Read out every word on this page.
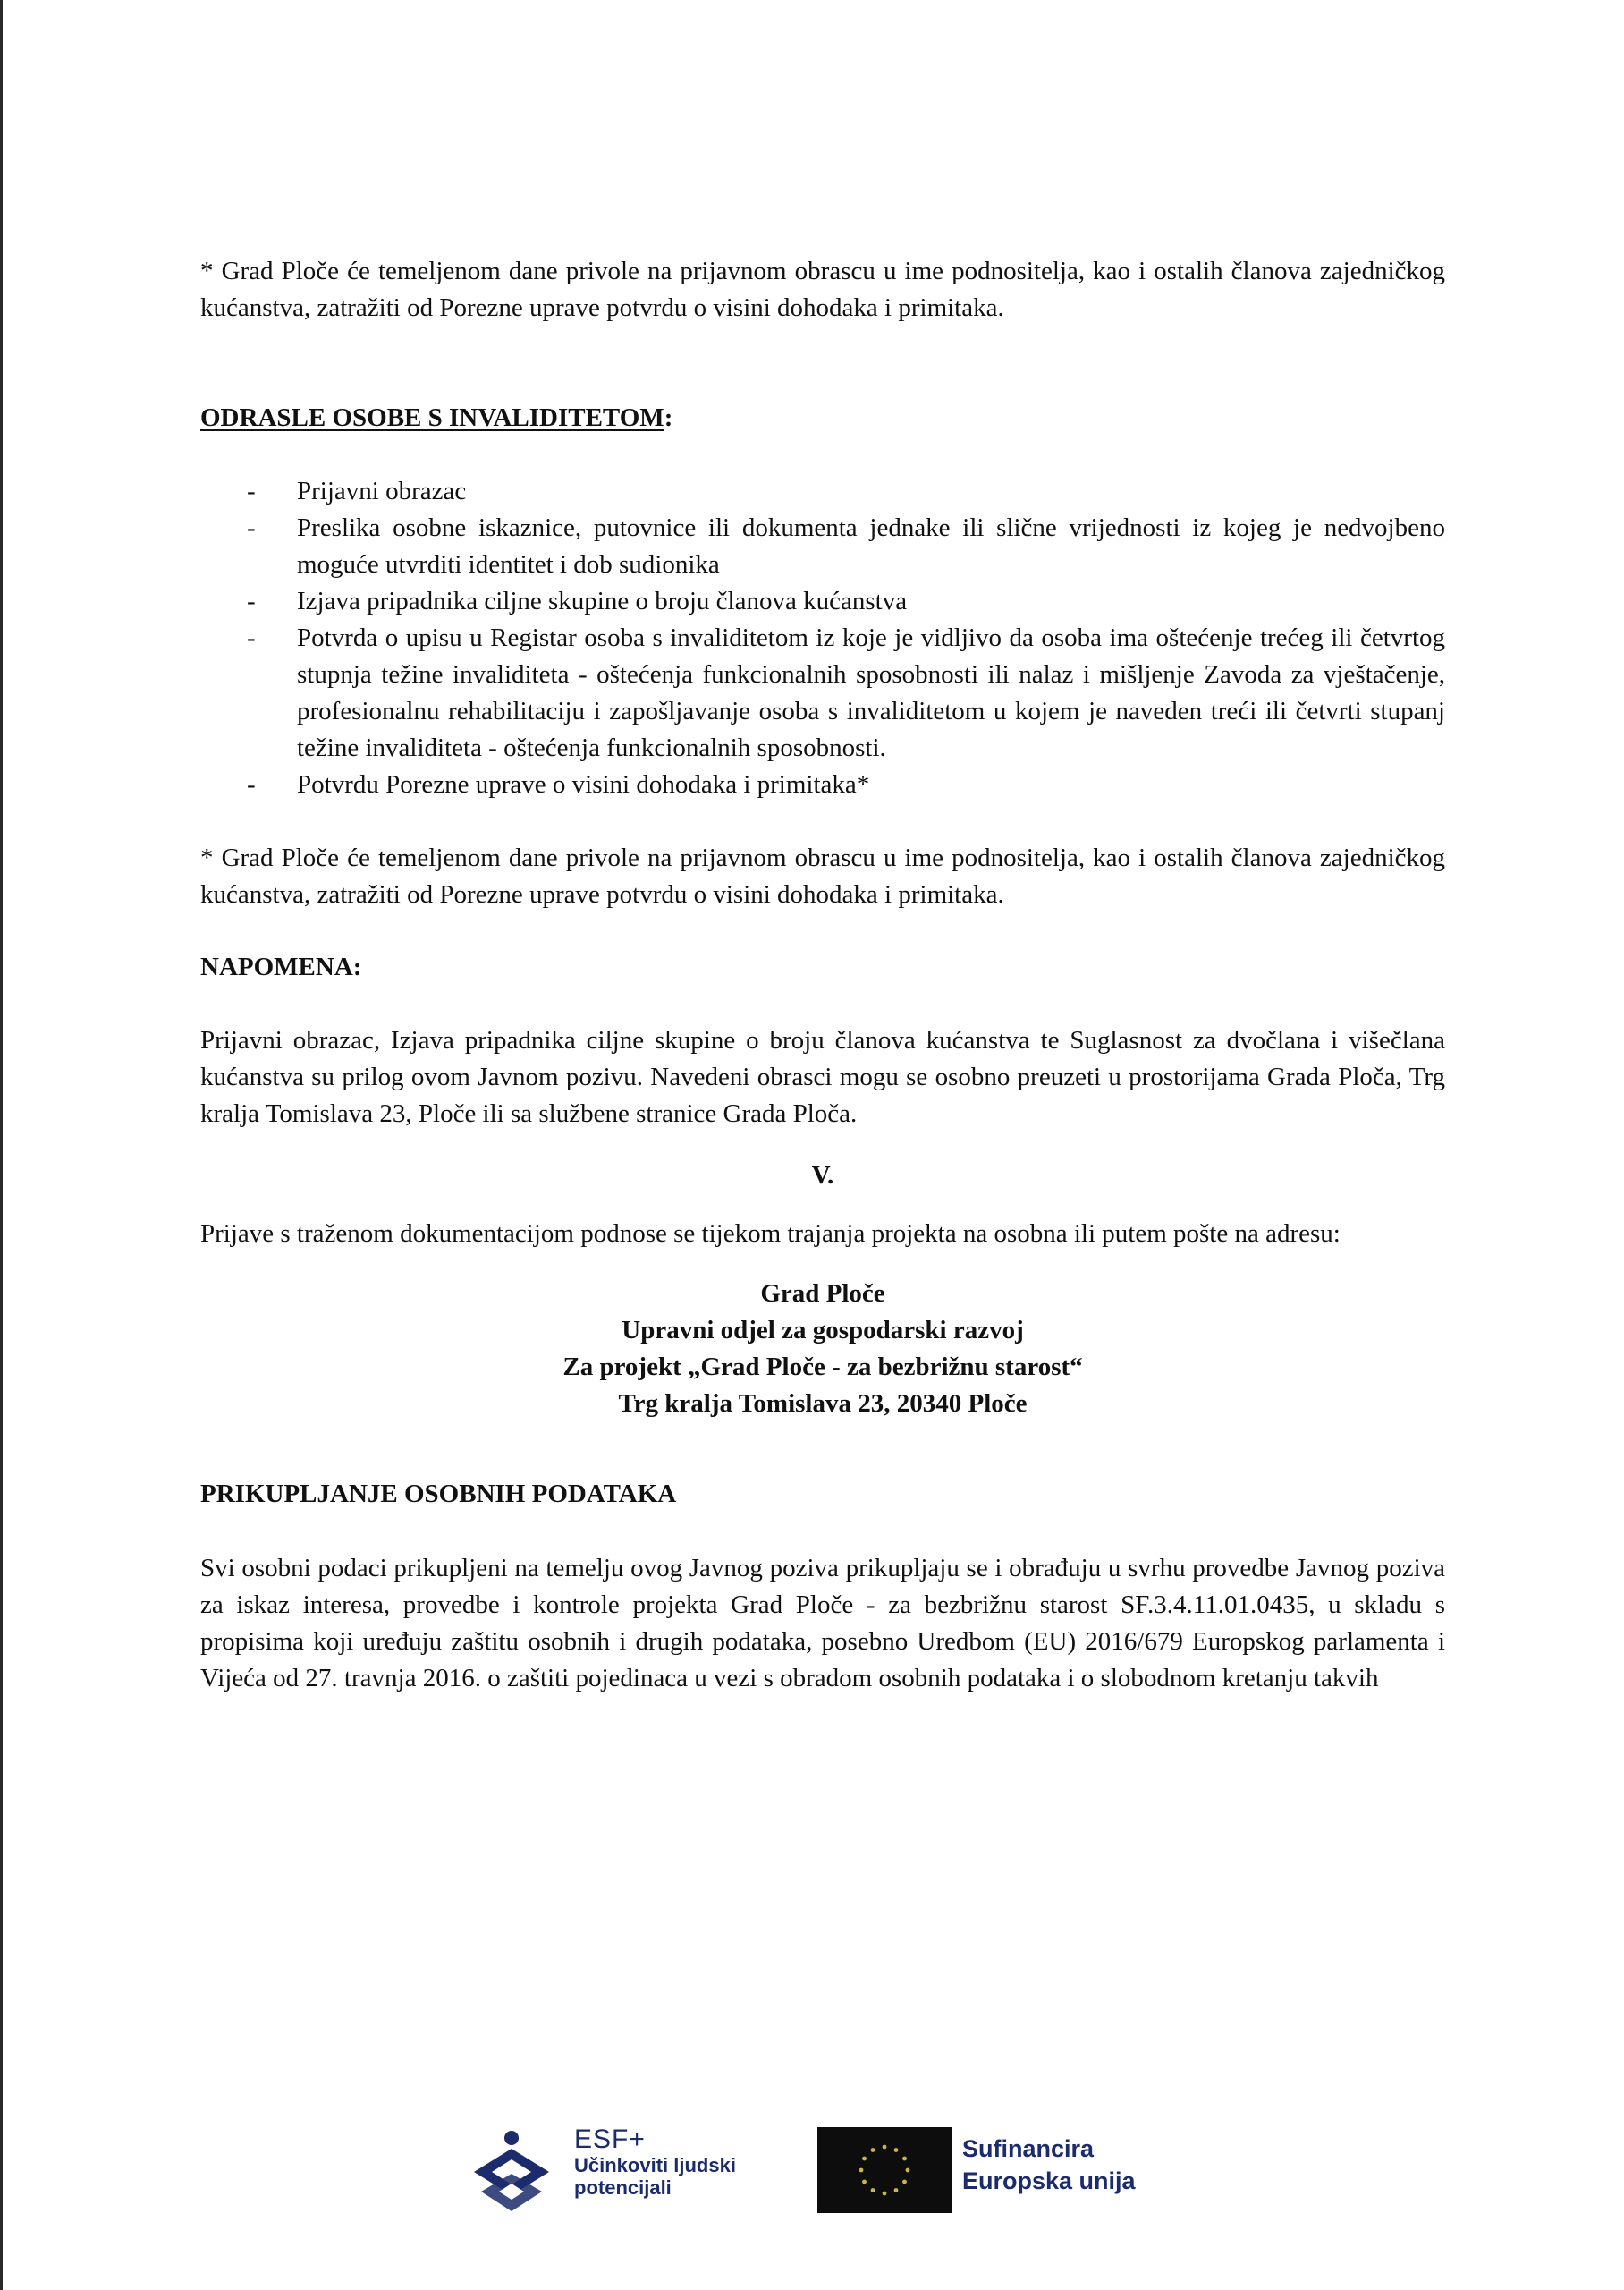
* Grad Ploče će temeljenom dane privole na prijavnom obrascu u ime podnositelja, kao i ostalih članova zajedničkog kućanstva, zatražiti od Porezne uprave potvrdu o visini dohodaka i primitaka.

ODRASLE OSOBE S INVALIDITETOM:

- Prijavni obrazac
- Preslika osobne iskaznice, putovnice ili dokumenta jednake ili slične vrijednosti iz kojeg je nedvojbeno moguće utvrditi identitet i dob sudionika
- Izjava pripadnika ciljne skupine o broju članova kućanstva
- Potvrda o upisu u Registar osoba s invaliditetom iz koje je vidljivo da osoba ima oštećenje trećeg ili četvrtog stupnja težine invaliditeta - oštećenja funkcionalnih sposobnosti ili nalaz i mišljenje Zavoda za vještačenje, profesionalnu rehabilitaciju i zapošljavanje osoba s invaliditetom u kojem je naveden treći ili četvrti stupanj težine invaliditeta - oštećenja funkcionalnih sposobnosti.
- Potvrdu Porezne uprave o visini dohodaka i primitaka*

* Grad Ploče će temeljenom dane privole na prijavnom obrascu u ime podnositelja, kao i ostalih članova zajedničkog kućanstva, zatražiti od Porezne uprave potvrdu o visini dohodaka i primitaka.

NAPOMENA:

Prijavni obrazac, Izjava pripadnika ciljne skupine o broju članova kućanstva te Suglasnost za dvočlana i višečlana kućanstva su prilog ovom Javnom pozivu. Navedeni obrasci mogu se osobno preuzeti u prostorijama Grada Ploča, Trg kralja Tomislava 23, Ploče ili sa službene stranice Grada Ploča.

V.

Prijave s traženom dokumentacijom podnose se tijekom trajanja projekta na osobna ili putem pošte na adresu:

Grad Ploče

Upravni odjel za gospodarski razvoj

Za projekt „Grad Ploče - za bezbrižnu starost“

Trg kralja Tomislava 23, 20340 Ploče

PRIKUPLJANJE OSOBNIH PODATAKA

Svi osobni podaci prikupljeni na temelju ovog Javnog poziva prikupljaju se i obrađuju u svrhu provedbe Javnog poziva za iskaz interesa, provedbe i kontrole projekta Grad Ploče - za bezbrižnu starost SF.3.4.11.01.0435, u skladu s propisima koji uređuju zaštitu osobnih i drugih podataka, posebno Uredbom (EU) 2016/679 Europskog parlamenta i Vijeća od 27. travnja 2016. o zaštiti pojedinaca u vezi s obradom osobnih podataka i o slobodnom kretanju takvih

ESF+
Učinkoviti ljudski
potencijali
Sufinancira
Europska unija
